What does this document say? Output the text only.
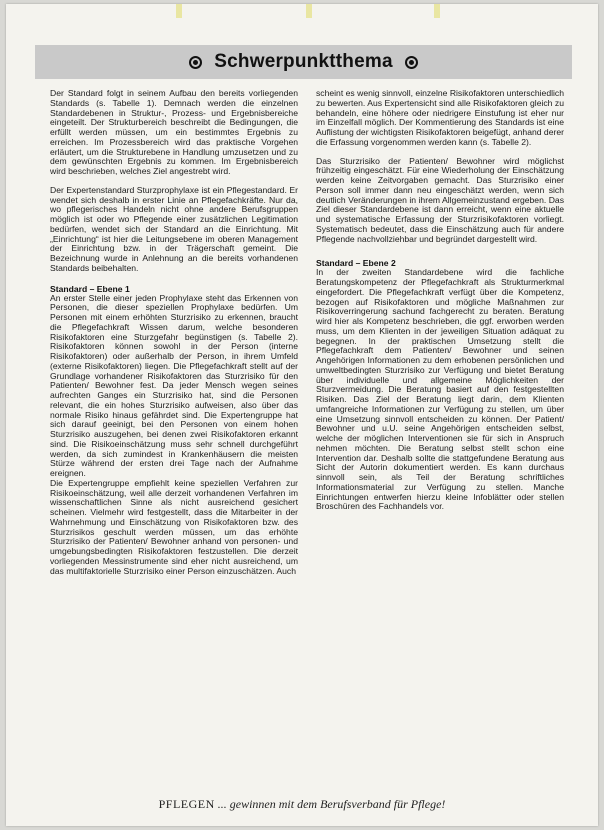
Schwerpunktthema

Der Standard folgt in seinem Aufbau den bereits vorliegenden Standards (s. Tabelle 1). Demnach werden die einzelnen Standardebenen in Struktur-, Prozess- und Ergebnisbereiche eingeteilt. Der Strukturbereich beschreibt die Bedingungen, die erfüllt werden müssen, um ein bestimmtes Ergebnis zu erreichen. Im Prozessbereich wird das praktische Vorgehen erläutert, um die Strukturebene in Handlung umzusetzen und zu dem gewünschten Ergebnis zu kommen. Im Ergebnisbereich wird beschrieben, welches Ziel angestrebt wird.

Der Expertenstandard Sturzprophylaxe ist ein Pflegestandard. Er wendet sich deshalb in erster Linie an Pflegefachkräfte. Nur da, wo pflegerisches Handeln nicht ohne andere Berufsgruppen möglich ist oder wo Pflegende einer zusätzlichen Legitimation bedürfen, wendet sich der Standard an die Einrichtung. Mit „Einrichtung“ ist hier die Leitungsebene im oberen Management der Einrichtung bzw. in der Trägerschaft gemeint. Die Bezeichnung wurde in Anlehnung an die bereits vorhandenen Standards beibehalten.

Standard – Ebene 1

An erster Stelle einer jeden Prophylaxe steht das Erkennen von Personen, die dieser speziellen Prophylaxe bedürfen. Um Personen mit einem erhöhten Sturzrisiko zu erkennen, braucht die Pflegefachkraft Wissen darum, welche besonderen Risikofaktoren eine Sturzgefahr begünstigen (s. Tabelle 2). Risikofaktoren können sowohl in der Person (interne Risikofaktoren) oder außerhalb der Person, in ihrem Umfeld (externe Risikofaktoren) liegen. Die Pflegefachkraft stellt auf der Grundlage vorhandener Risikofaktoren das Sturzrisiko für den Patienten/ Bewohner fest. Da jeder Mensch wegen seines aufrechten Ganges ein Sturzrisiko hat, sind die Personen relevant, die ein hohes Sturzrisiko aufweisen, also über das normale Risiko hinaus gefährdet sind. Die Expertengruppe hat sich darauf geeinigt, bei den Personen von einem hohen Sturzrisiko auszugehen, bei denen zwei Risikofaktoren erkannt sind. Die Risikoeinschätzung muss sehr schnell durchgeführt werden, da sich zumindest in Krankenhäusern die meisten Stürze während der ersten drei Tage nach der Aufnahme ereignen.

Die Expertengruppe empfiehlt keine speziellen Verfahren zur Risikoeinschätzung, weil alle derzeit vorhandenen Verfahren im wissenschaftlichen Sinne als nicht ausreichend gesichert scheinen. Vielmehr wird festgestellt, dass die Mitarbeiter in der Wahrnehmung und Einschätzung von Risikofaktoren bzw. des Sturzrisikos geschult werden müssen, um das erhöhte Sturzrisiko der Patienten/ Bewohner anhand von personen- und umgebungsbedingten Risikofaktoren festzustellen. Die derzeit vorliegenden Messinstrumente sind eher nicht ausreichend, um das multifaktorielle Sturzrisiko einer Person einzuschätzen. Auch

scheint es wenig sinnvoll, einzelne Risikofaktoren unterschiedlich zu bewerten. Aus Expertensicht sind alle Risikofaktoren gleich zu behandeln, eine höhere oder niedrigere Einstufung ist eher nur im Einzelfall möglich. Der Kommentierung des Standards ist eine Auflistung der wichtigsten Risikofaktoren beigefügt, anhand derer die Erfassung vorgenommen werden kann (s. Tabelle 2).

Das Sturzrisiko der Patienten/ Bewohner wird möglichst frühzeitig eingeschätzt. Für eine Wiederholung der Einschätzung werden keine Zeitvorgaben gemacht. Das Sturzrisiko einer Person soll immer dann neu eingeschätzt werden, wenn sich deutlich Veränderungen in ihrem Allgemeinzustand ergeben. Das Ziel dieser Standardebene ist dann erreicht, wenn eine aktuelle und systematische Erfassung der Sturzrisikofaktoren vorliegt. Systematisch bedeutet, dass die Einschätzung auch für andere Pflegende nachvollziehbar und begründet dargestellt wird.

Standard – Ebene 2

In der zweiten Standardebene wird die fachliche Beratungskompetenz der Pflegefachkraft als Strukturmerkmal eingefordert. Die Pflegefachkraft verfügt über die Kompetenz, bezogen auf Risikofaktoren und mögliche Maßnahmen zur Risikoverringerung sachund fachgerecht zu beraten. Beratung wird hier als Kompetenz beschrieben, die ggf. erworben werden muss, um dem Klienten in der jeweiligen Situation adäquat zu begegnen. In der praktischen Umsetzung stellt die Pflegefachkraft dem Patienten/ Bewohner und seinen Angehörigen Informationen zu dem erhobenen persönlichen und umweltbedingten Sturzrisiko zur Verfügung und bietet Beratung über individuelle und allgemeine Möglichkeiten der Sturzvermeidung. Die Beratung basiert auf den festgestellten Risiken. Das Ziel der Beratung liegt darin, dem Klienten umfangreiche Informationen zur Verfügung zu stellen, um über eine Umsetzung sinnvoll entscheiden zu können. Der Patient/ Bewohner und u.U. seine Angehörigen entscheiden selbst, welche der möglichen Interventionen sie für sich in Anspruch nehmen möchten. Die Beratung selbst stellt schon eine Intervention dar. Deshalb sollte die stattgefundene Beratung aus Sicht der Autorin dokumentiert werden. Es kann durchaus sinnvoll sein, als Teil der Beratung schriftliches Informationsmaterial zur Verfügung zu stellen. Manche Einrichtungen entwerfen hierzu kleine Infoblätter oder stellen Broschüren des Fachhandels vor.

PFLEGEN ... gewinnen mit dem Berufsverband für Pflege!
